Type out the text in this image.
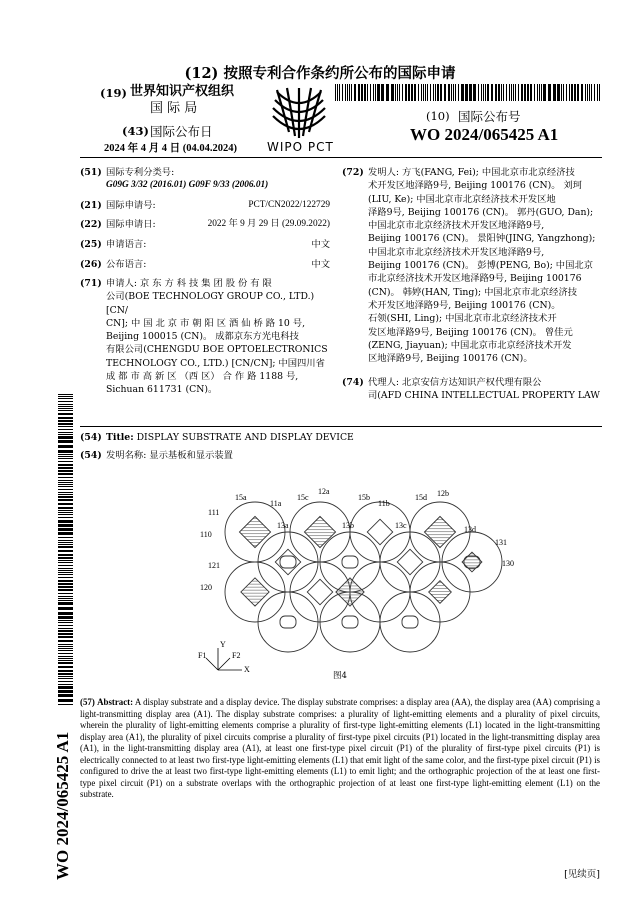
(12) 按照专利合作条约所公布的国际申请
(19) 世界知识产权组织
国 际 局
(43) 国际公布日
2024 年 4 月 4 日 (04.04.2024)	WIPO PCT
(10) 国际公布号
WO 2024/065425 A1
(51) 国际专利分类号:
G09G 3/32 (2016.01) G09F 9/33 (2006.01)
(21) 国际申请号:	PCT/CN2022/122729
(22) 国际申请日:	2022 年 9 月 29 日 (29.09.2022)
(25) 申请语言:	中文
(26) 公布语言:	中文
(71) 申请人: 京 东 方 科 技 集 团 股 份 有 限
公司(BOE TECHNOLOGY GROUP CO., LTD.) [CN/
CN]; 中 国 北 京 市 朝 阳 区 酒 仙 桥 路 10 号,
Beijing 100015 (CN)。 成都京东方光电科技
有限公司(CHENGDU BOE OPTOELECTRONICS
TECHNOLOGY CO., LTD.) [CN/CN]; 中国四川省
成 都 市 高 新 区 （西 区） 合 作 路 1188 号,
Sichuan 611731 (CN)。
(72) 发明人: 方飞(FANG, Fei); 中国北京市北京经济技
术开发区地泽路9号, Beijing 100176 (CN)。 刘珂
(LIU, Ke); 中国北京市北京经济技术开发区地
泽路9号, Beijing 100176 (CN)。 郭丹(GUO, Dan);
中国北京市北京经济技术开发区地泽路9号,
Beijing 100176 (CN)。 景阳钟(JING, Yangzhong);
中国北京市北京经济技术开发区地泽路9号,
Beijing 100176 (CN)。 彭博(PENG, Bo); 中国北京
市北京经济技术开发区地泽路9号, Beijing 100176
(CN)。 韩婷(HAN, Ting); 中国北京市北京经济技
术开发区地泽路9号, Beijing 100176 (CN)。
石领(SHI, Ling); 中国北京市北京经济技术开
发区地泽路9号, Beijing 100176 (CN)。 曾佳元
(ZENG, Jiayuan); 中国北京市北京经济技术开发
区地泽路9号, Beijing 100176 (CN)。
(74) 代理人: 北京安信方达知识产权代理有限公
司(AFD CHINA INTELLECTUAL PROPERTY LAW
(54) Title: DISPLAY SUBSTRATE AND DISPLAY DEVICE
(54) 发明名称: 显示基板和显示装置
15a
11a
111
110
13a
15c
12a
13b
15b
11b
13c
15d 12b
13d
131
130
121
120
F1
Y
F2
X
图4
(57) Abstract: A display substrate and a display device. The display substrate comprises: a display area (AA), the display area (AA) comprising a light-transmitting display area (A1). The display substrate comprises: a plurality of light-emitting elements and a plurality of pixel circuits, wherein the plurality of light-emitting elements comprise a plurality of first-type light-emitting elements (L1) located in the light-transmitting display area (A1), the plurality of pixel circuits comprise a plurality of first-type pixel circuits (P1) located in the light-transmitting display area (A1), in the light-transmitting display area (A1), at least one first-type pixel circuit (P1) of the plurality of first-type pixel circuits (P1) is electrically connected to at least two first-type light-emitting elements (L1) that emit light of the same color, and the first-type pixel circuit (P1) is configured to drive the at least two first-type light-emitting elements (L1) to emit light; and the orthographic projection of the at least one first-type pixel circuit (P1) on a substrate overlaps with the orthographic projection of at least one first-type light-emitting element (L1) on the substrate.
WO 2024/065425 A1	[见续页]
